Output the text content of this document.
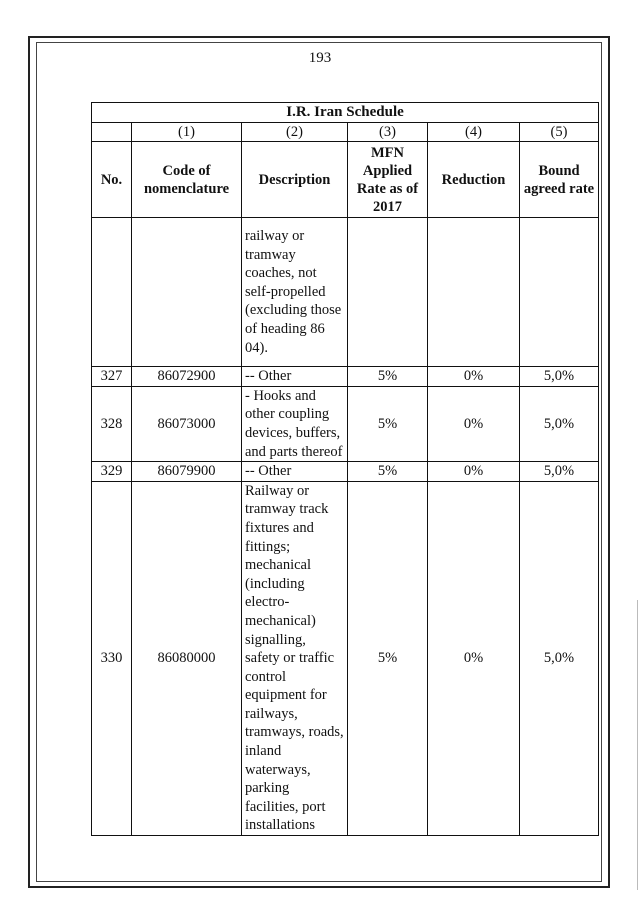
193
I.R. Iran Schedule					
	(1)	(2)	(3)	(4)	(5)
No.	Code of nomenclature	Description	MFN Applied Rate as of 2017	Reduction	Bound agreed rate
		railway or tramway coaches, not self-propelled (excluding those of heading 86 04).			
327	86072900	-- Other	5%	0%	5,0%
328	86073000	- Hooks and other coupling devices, buffers, and parts thereof	5%	0%	5,0%
329	86079900	-- Other	5%	0%	5,0%
330	86080000	Railway or tramway track fixtures and fittings; mechanical (including electro-mechanical) signalling, safety or traffic control equipment for railways, tramways, roads, inland waterways, parking facilities, port installations	5%	0%	5,0%
